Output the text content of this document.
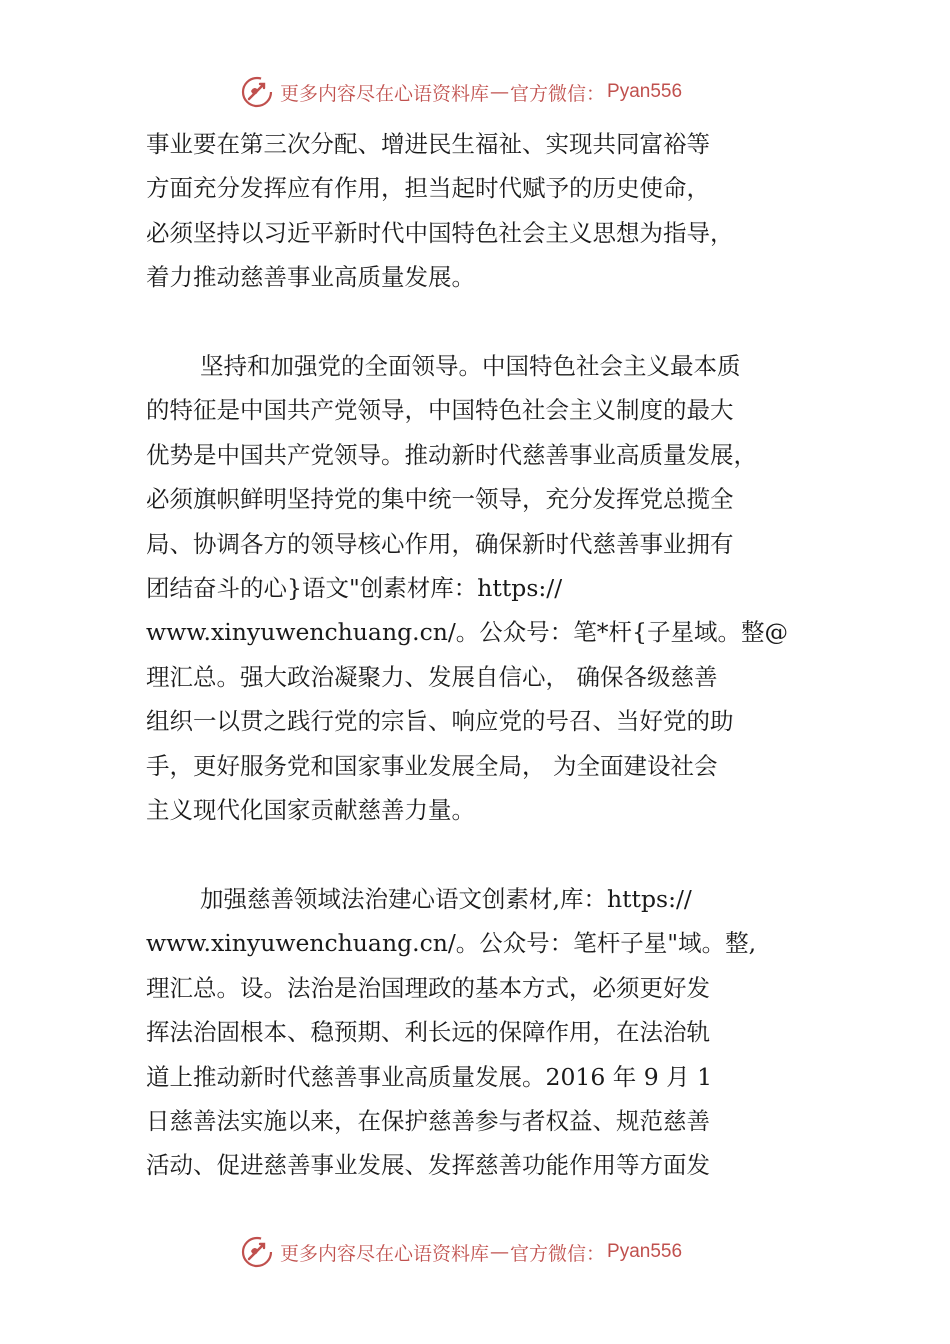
更多内容尽在心语资料库 — 官方微信： Pyan556

事业要在第三次分配、增进民生福祉、实现共同富裕等

方面充分发挥应有作用，担当起时代赋予的历史使命，

必须坚持以习近平新时代中国特色社会主义思想为指导，

着力推动慈善事业高质量发展。

坚持和加强党的全面领导。中国特色社会主义最本质

的特征是中国共产党领导，中国特色社会主义制度的最大

优势是中国共产党领导。推动新时代慈善事业高质量发展，

必须旗帜鲜明坚持党的集中统一领导，充分发挥党总揽全

局、协调各方的领导核心作用，确保新时代慈善事业拥有

团结奋斗的心}语文"创素材库：https://

www.xinyuwenchuang.cn/。公众号：笔*杆{子星域。整@

理汇总。强大政治凝聚力、发展自信心， 确保各级慈善

组织一以贯之践行党的宗旨、响应党的号召、当好党的助

手，更好服务党和国家事业发展全局， 为全面建设社会

主义现代化国家贡献慈善力量。

加强慈善领域法治建心语文创素材,库：https://

www.xinyuwenchuang.cn/。公众号：笔杆子星"域。整,

理汇总。设。法治是治国理政的基本方式，必须更好发

挥法治固根本、稳预期、利长远的保障作用，在法治轨

道上推动新时代慈善事业高质量发展。2016 年 9 月 1

日慈善法实施以来，在保护慈善参与者权益、规范慈善

活动、促进慈善事业发展、发挥慈善功能作用等方面发

更多内容尽在心语资料库 — 官方微信： Pyan556
